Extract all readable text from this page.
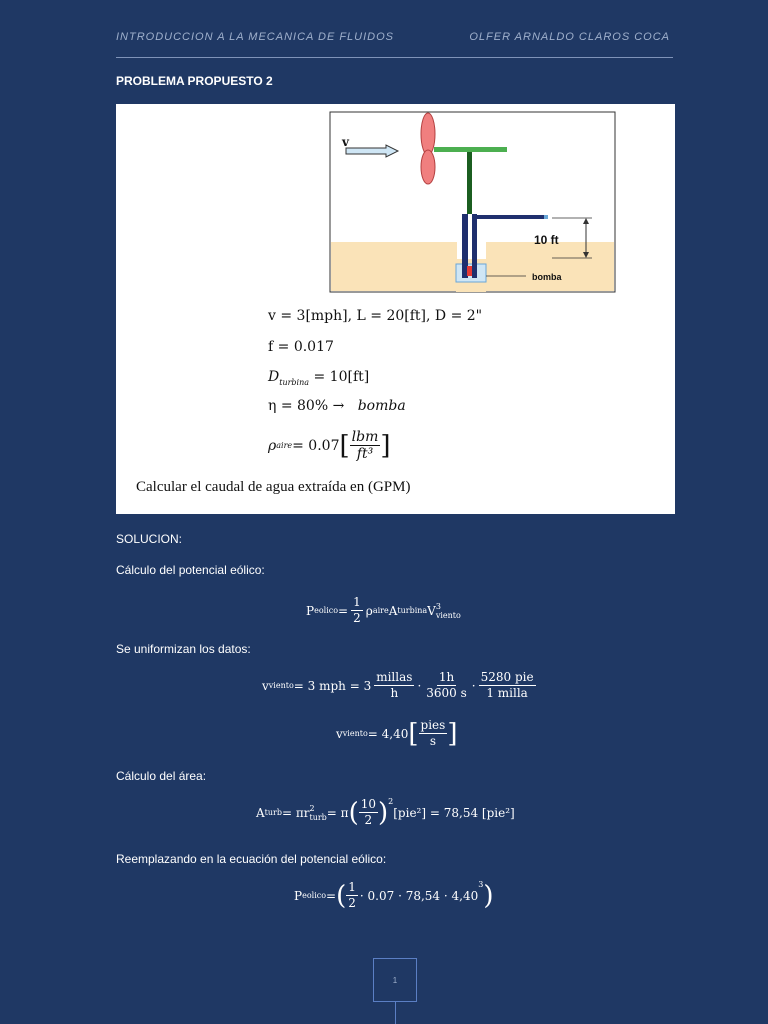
INTRODUCCION A LA MECANICA DE FLUIDOS	OLFER ARNALDO CLAROS COCA
PROBLEMA PROPUESTO 2
v
10 ft
bomba
v = 3[mph], L = 20[ft], D = 2"
f = 0.017
$D_{turbina} = 10[ft]$
η = 80% → bomba
ρ aire = 0.07 [ lbm
ft³ ]
Calcular el caudal de agua extraída en (GPM)
SOLUCION:
Cálculo del potencial eólico:
P eolico = $\frac{1}{2}$ ρ aire A turbina V 3
viento
Se uniformizan los datos:
v viento = 3 mph = $3 \frac{\text{millas}}{h} \cdot \frac{1h}{3600 s} \cdot \frac{\text{5280 pie}}{\text{1 milla}}$
v viento = 4,40 [ $\frac{\text{pies}}{s}$ ]
Cálculo del área:
A turb = πr 2
turb = π ( $\frac{10}{2} )^2$
[pie²] = 78,54 [pie²]
Reemplazando en la ecuación del potencial eólico:
P eolico = ( $\frac{1}{2} \cdot 0.07 \cdot 78,54 \cdot 4,40$
$^3$ )
1
